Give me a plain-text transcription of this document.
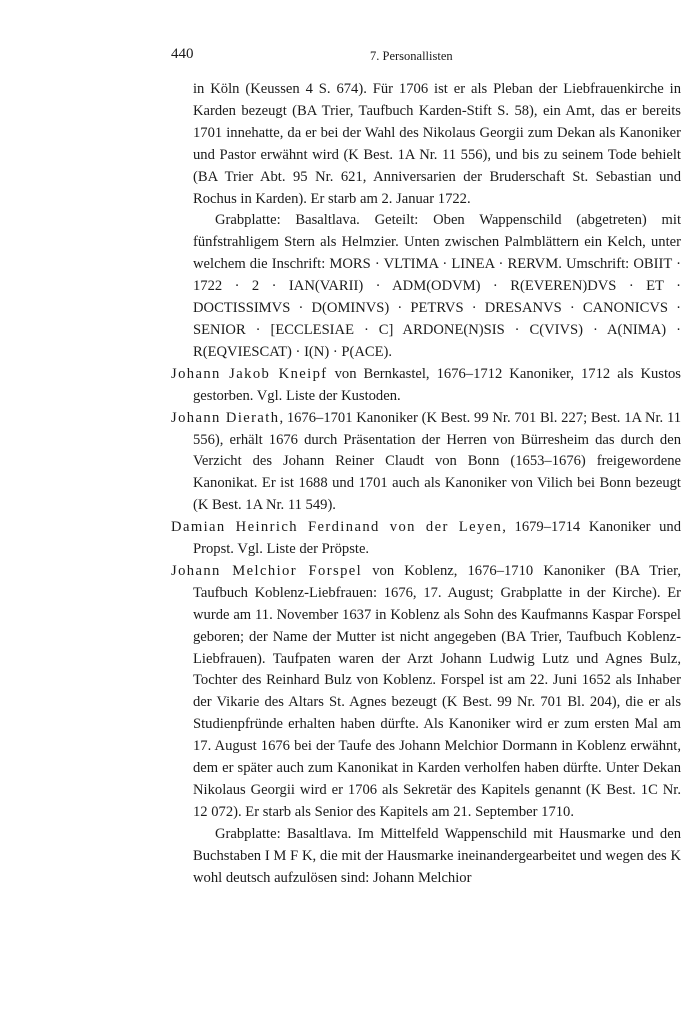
440	7. Personallisten

in Köln (Keussen 4 S. 674). Für 1706 ist er als Pleban der Liebfrauenkirche in Karden bezeugt (BA Trier, Taufbuch Karden-Stift S. 58), ein Amt, das er bereits 1701 innehatte, da er bei der Wahl des Nikolaus Georgii zum Dekan als Kanoniker und Pastor erwähnt wird (K Best. 1A Nr. 11 556), und bis zu seinem Tode behielt (BA Trier Abt. 95 Nr. 621, Anniversarien der Bruderschaft St. Sebastian und Rochus in Karden). Er starb am 2. Januar 1722.

Grabplatte: Basaltlava. Geteilt: Oben Wappenschild (abgetreten) mit fünfstrahligem Stern als Helmzier. Unten zwischen Palmblättern ein Kelch, unter welchem die Inschrift: MORS · VLTIMA · LINEA · RERVM. Umschrift: OBIIT · 1722 · 2 · IAN(VARII) · ADM(ODVM) · R(EVEREN)DVS · ET · DOCTISSIMVS · D(OMINVS) · PETRVS · DRESANVS · CANONICVS · SENIOR · [ECCLESIAE · C] ARDONE(N)SIS · C(VIVS) · A(NIMA) · R(EQVIESCAT) · I(N) · P(ACE).

Johann Jakob Kneipf von Bernkastel, 1676–1712 Kanoniker, 1712 als Kustos gestorben. Vgl. Liste der Kustoden.

Johann Dierath, 1676–1701 Kanoniker (K Best. 99 Nr. 701 Bl. 227; Best. 1A Nr. 11 556), erhält 1676 durch Präsentation der Herren von Bürresheim das durch den Verzicht des Johann Reiner Claudt von Bonn (1653–1676) freigewordene Kanonikat. Er ist 1688 und 1701 auch als Kanoniker von Vilich bei Bonn bezeugt (K Best. 1A Nr. 11 549).

Damian Heinrich Ferdinand von der Leyen, 1679–1714 Kanoniker und Propst. Vgl. Liste der Pröpste.

Johann Melchior Forspel von Koblenz, 1676–1710 Kanoniker (BA Trier, Taufbuch Koblenz-Liebfrauen: 1676, 17. August; Grabplatte in der Kirche). Er wurde am 11. November 1637 in Koblenz als Sohn des Kaufmanns Kaspar Forspel geboren; der Name der Mutter ist nicht angegeben (BA Trier, Taufbuch Koblenz-Liebfrauen). Taufpaten waren der Arzt Johann Ludwig Lutz und Agnes Bulz, Tochter des Reinhard Bulz von Koblenz. Forspel ist am 22. Juni 1652 als Inhaber der Vikarie des Altars St. Agnes bezeugt (K Best. 99 Nr. 701 Bl. 204), die er als Studienpfründe erhalten haben dürfte. Als Kanoniker wird er zum ersten Mal am 17. August 1676 bei der Taufe des Johann Melchior Dormann in Koblenz erwähnt, dem er später auch zum Kanonikat in Karden verholfen haben dürfte. Unter Dekan Nikolaus Georgii wird er 1706 als Sekretär des Kapitels genannt (K Best. 1C Nr. 12 072). Er starb als Senior des Kapitels am 21. September 1710.

Grabplatte: Basaltlava. Im Mittelfeld Wappenschild mit Hausmarke und den Buchstaben I M F K, die mit der Hausmarke ineinandergearbeitet und wegen des K wohl deutsch aufzulösen sind: Johann Melchior
